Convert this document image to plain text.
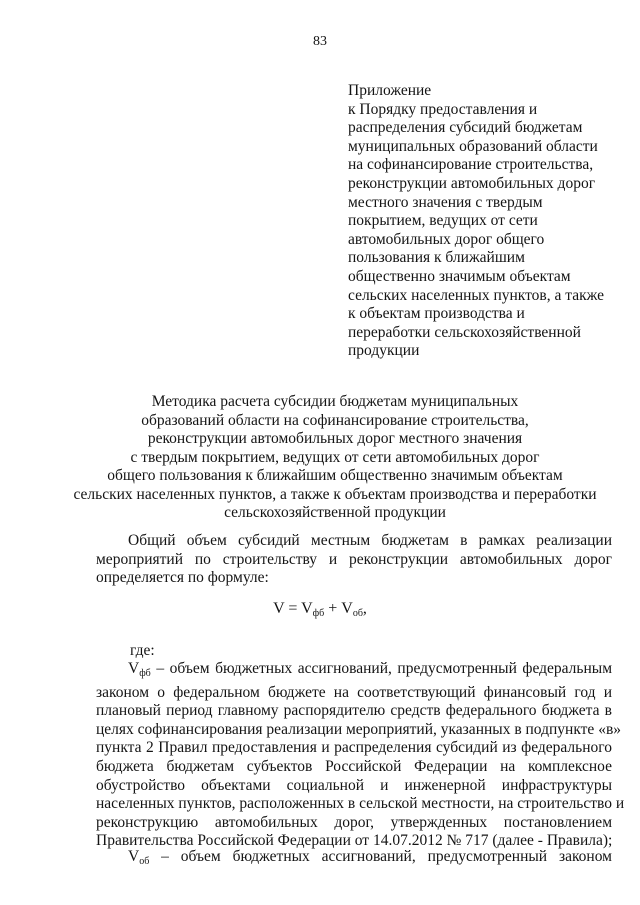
83
Приложение
к Порядку предоставления и
распределения субсидий бюджетам
муниципальных образований области
на софинансирование строительства,
реконструкции автомобильных дорог
местного значения с твердым
покрытием, ведущих от сети
автомобильных дорог общего
пользования к ближайшим
общественно значимым объектам
сельских населенных пунктов, а также
к объектам производства и
переработки сельскохозяйственной
продукции
Методика расчета субсидии бюджетам муниципальных
образований области на софинансирование строительства,
реконструкции автомобильных дорог местного значения
с твердым покрытием, ведущих от сети автомобильных дорог
общего пользования к ближайшим общественно значимым объектам
сельских населенных пунктов, а также к объектам производства и переработки
сельскохозяйственной продукции
Общий объем субсидий местным бюджетам в рамках реализации
мероприятий по строительству и реконструкции автомобильных дорог
определяется по формуле:
$V = V_{фб} + V_{об}$,
где:
$V_{фб}$ – объем бюджетных ассигнований, предусмотренный федеральным
законом о федеральном бюджете на соответствующий финансовый год и
плановый период главному распорядителю средств федерального бюджета в
целях софинансирования реализации мероприятий, указанных в подпункте «в»
пункта 2 Правил предоставления и распределения субсидий из федерального
бюджета бюджетам субъектов Российской Федерации на комплексное
обустройство объектами социальной и инженерной инфраструктуры
населенных пунктов, расположенных в сельской местности, на строительство и
реконструкцию автомобильных дорог, утвержденных постановлением
Правительства Российской Федерации от 14.07.2012 № 717 (далее - Правила);
$V_{об}$ – объем бюджетных ассигнований, предусмотренный законом
